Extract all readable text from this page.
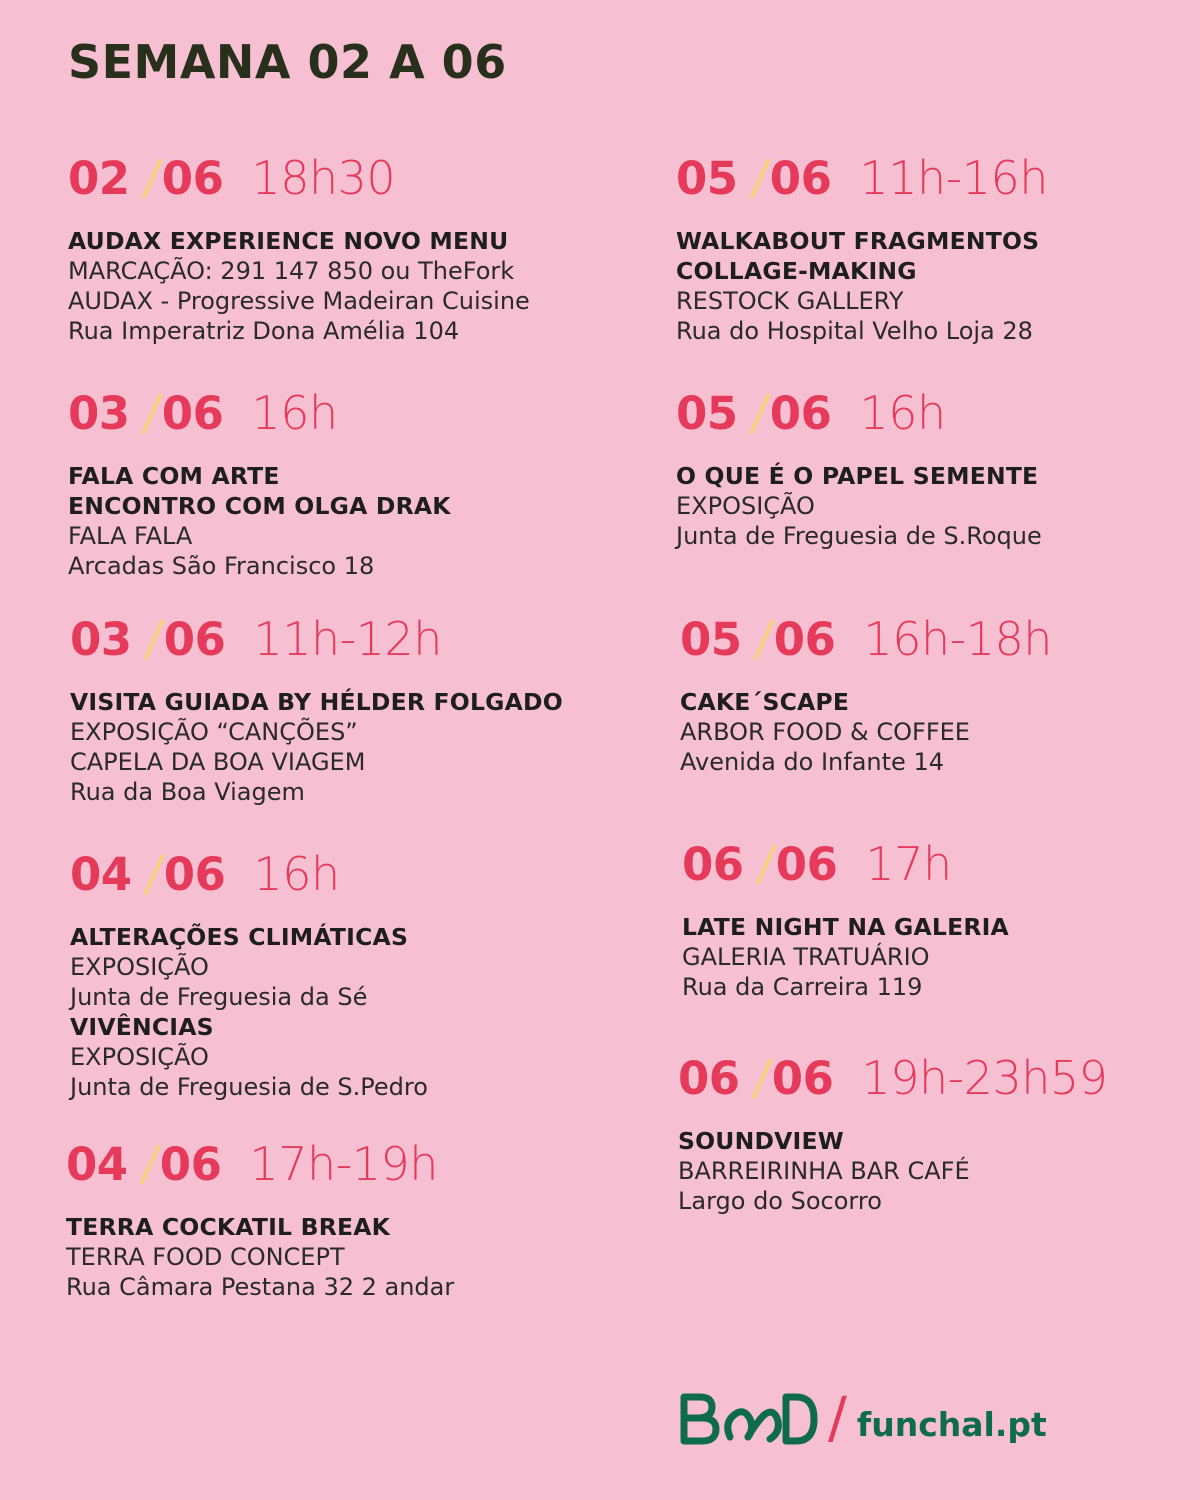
SEMANA 02 A 06
02 /
06 18h30
AUDAX EXPERIENCE NOVO MENU
MARCAÇÃO: 291 147 850 ou TheFork
AUDAX - Progressive Madeiran Cuisine
Rua Imperatriz Dona Amélia 104
03 /
06 16h
FALA COM ARTE
ENCONTRO COM OLGA DRAK
FALA FALA
Arcadas São Francisco 18
03 /
06 11h-12h
VISITA GUIADA BY HÉLDER FOLGADO
EXPOSIÇÃO “CANÇÕES”
CAPELA DA BOA VIAGEM
Rua da Boa Viagem
04 /
06 16h
ALTERAÇÕES CLIMÁTICAS
EXPOSIÇÃO
Junta de Freguesia da Sé
VIVÊNCIAS
EXPOSIÇÃO
Junta de Freguesia de S.Pedro
04 /
06 17h-19h
TERRA COCKATIL BREAK
TERRA FOOD CONCEPT
Rua Câmara Pestana 32 2 andar
05 /
06 11h-16h
WALKABOUT FRAGMENTOS
COLLAGE-MAKING
RESTOCK GALLERY
Rua do Hospital Velho Loja 28
05 /
06 16h
O QUE É O PAPEL SEMENTE
EXPOSIÇÃO
Junta de Freguesia de S.Roque
05 /
06 16h-18h
CAKE´SCAPE
ARBOR FOOD & COFFEE
Avenida do Infante 14
06 /
06 17h
LATE NIGHT NA GALERIA
GALERIA TRATUÁRIO
Rua da Carreira 119
06 /
06 19h-23h59
SOUNDVIEW
BARREIRINHA BAR CAFÉ
Largo do Socorro
/ funchal.pt
